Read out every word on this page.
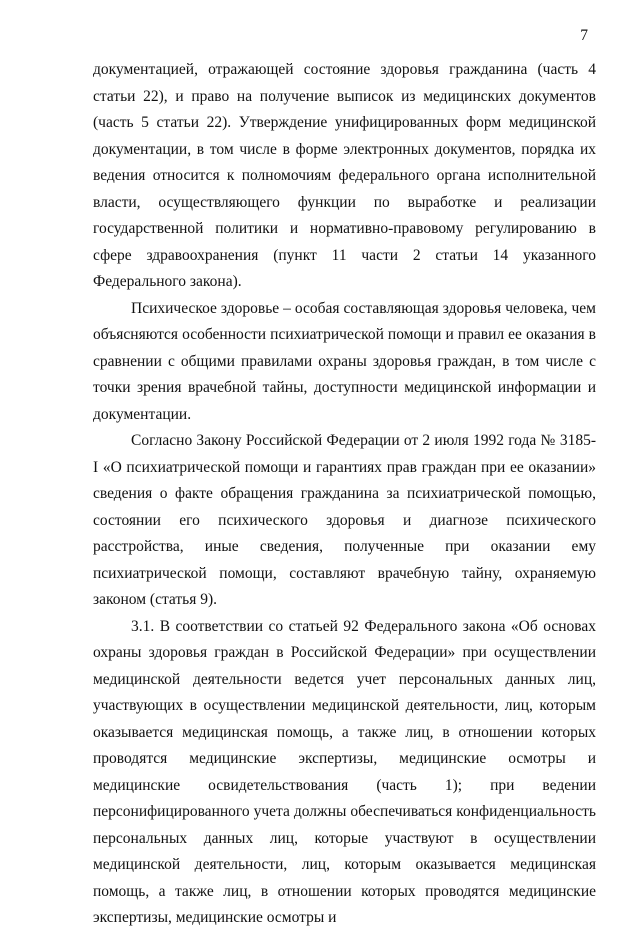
7

документацией, отражающей состояние здоровья гражданина (часть 4 статьи 22), и право на получение выписок из медицинских документов (часть 5 статьи 22). Утверждение унифицированных форм медицинской документации, в том числе в форме электронных документов, порядка их ведения относится к полномочиям федерального органа исполнительной власти, осуществляющего функции по выработке и реализации государственной политики и нормативно-правовому регулированию в сфере здравоохранения (пункт 11 части 2 статьи 14 указанного Федерального закона).

Психическое здоровье – особая составляющая здоровья человека, чем объясняются особенности психиатрической помощи и правил ее оказания в сравнении с общими правилами охраны здоровья граждан, в том числе с точки зрения врачебной тайны, доступности медицинской информации и документации.

Согласно Закону Российской Федерации от 2 июля 1992 года № 3185-I «О психиатрической помощи и гарантиях прав граждан при ее оказании» сведения о факте обращения гражданина за психиатрической помощью, состоянии его психического здоровья и диагнозе психического расстройства, иные сведения, полученные при оказании ему психиатрической помощи, составляют врачебную тайну, охраняемую законом (статья 9).

3.1. В соответствии со статьей 92 Федерального закона «Об основах охраны здоровья граждан в Российской Федерации» при осуществлении медицинской деятельности ведется учет персональных данных лиц, участвующих в осуществлении медицинской деятельности, лиц, которым оказывается медицинская помощь, а также лиц, в отношении которых проводятся медицинские экспертизы, медицинские осмотры и медицинские освидетельствования (часть 1); при ведении персонифицированного учета должны обеспечиваться конфиденциальность персональных данных лиц, которые участвуют в осуществлении медицинской деятельности, лиц, которым оказывается медицинская помощь, а также лиц, в отношении которых проводятся медицинские экспертизы, медицинские осмотры и
